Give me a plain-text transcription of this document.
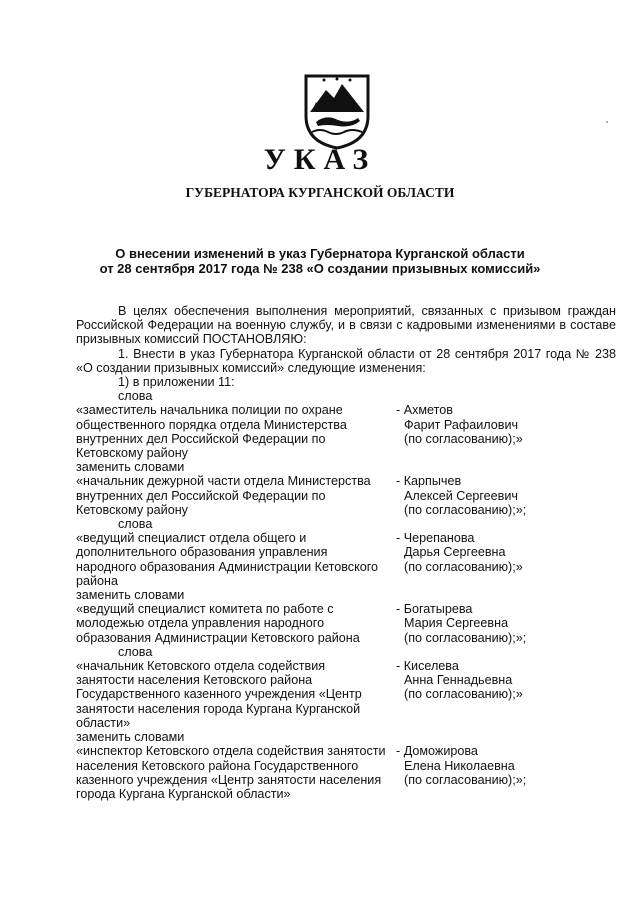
УКАЗ
ГУБЕРНАТОРА КУРГАНСКОЙ ОБЛАСТИ
О внесении изменений в указ Губернатора Курганской области
от 28 сентября 2017 года № 238 «О создании призывных комиссий»
В целях обеспечения выполнения мероприятий, связанных с призывом граждан Российской Федерации на военную службу, и в связи с кадровыми изменениями в составе призывных комиссий ПОСТАНОВЛЯЮ:
1. Внести в указ Губернатора Курганской области от 28 сентября 2017 года № 238 «О создании призывных комиссий» следующие изменения:
1) в приложении 11:
слова
«заместитель начальника полиции по охране общественного порядка отдела Министерства внутренних дел Российской Федерации по Кетовскому району
- Ахметов
Фарит Рафаилович
(по согласованию);»
заменить словами
«начальник дежурной части отдела Министерства внутренних дел Российской Федерации по Кетовскому району
- Карпычев
Алексей Сергеевич
(по согласованию);»;
слова
«ведущий специалист отдела общего и дополнительного образования управления народного образования Администрации Кетовского района
- Черепанова
Дарья Сергеевна
(по согласованию);»
заменить словами
«ведущий специалист комитета по работе с молодежью отдела управления народного образования Администрации Кетовского района
- Богатырева
Мария Сергеевна
(по согласованию);»;
слова
«начальник Кетовского отдела содействия занятости населения Кетовского района Государственного казенного учреждения «Центр занятости населения города Кургана Курганской области»
- Киселева
Анна Геннадьевна
(по согласованию);»
заменить словами
«инспектор Кетовского отдела содействия занятости населения Кетовского района Государственного казенного учреждения «Центр занятости населения города Кургана Курганской области»
- Доможирова
Елена Николаевна
(по согласованию);»;
